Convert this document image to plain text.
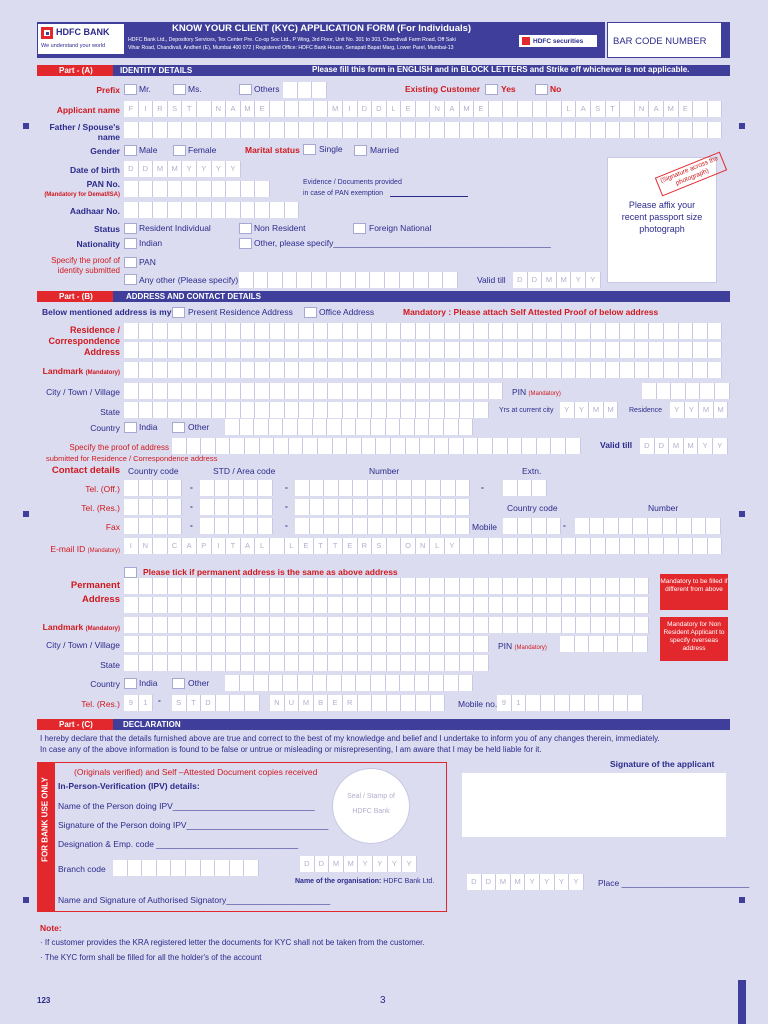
HDFC BANK
We understand your world
KNOW YOUR CLIENT (KYC) APPLICATION FORM (For Individuals)
HDFC Bank Ltd., Depository Services, Tex Center Pre. Co-op Soc Ltd., P Wing, 3rd Floor, Unit No. 301 to 303, Chandivali Farm Road, Off Saki
Vihar Road, Chandivali, Andheri (E), Mumbai 400 072 | Registered Office: HDFC Bank House, Senapati Bapat Marg, Lower Parel, Mumbai-13
HDFC securities	BAR CODE NUMBER
Part - (A)	IDENTITY DETAILS	Please fill this form in ENGLISH and in BLOCK LETTERS and Strike off whichever is not applicable.
Prefix Mr.	Ms.	Others	Existing Customer Yes	No
Applicant name	F	I	R	S	T	N	A	M	E	M	I	D	D	L	E	N	A	M	E	L	A	S	T	N	A	M	E
Father / Spouse's
name
Gender Male	Female	Marital status Single	Married
Date of birth	D	D	M	M	Y	Y	Y	Y
PAN No.
(Mandatory for Demat/ISA)
Evidence / Documents provided
in case of PAN exemption
Aadhaar No.
Status Resident Individual	Non Resident	Foreign National
Nationality Indian	Other, please specify______________________________________________
Specify the proof of
identity submitted
PAN
Any other (Please specify)	Valid till	D	D	M	M	Y	Y
(Signature across the photograph)
Please affix your recent passport size photograph
Part - (B)	ADDRESS AND CONTACT DETAILS
Below mentioned address is my Present Residence Address	Office Address	Mandatory : Please attach Self Attested Proof of below address
Residence /
Correspondence
Address
Landmark (Mandatory)
City / Town / Village	PIN (Mandatory)
State	Yrs at current city	Y	Y	M	M	Residence	Y	Y	M	M
Country India	Other
Specify the proof of address
submitted for Residence / Correspondence address
Valid till	D	D	M	M	Y	Y
Contact details Country code	STD / Area code	Number	Extn.
Tel. (Off.)	-	-	-
Tel. (Res.)	-	-	Country code	Number
Fax	-	-	Mobile	-
E-mail ID (Mandatory)
I	N	C	A	P	I	T	A	L	L	E	T	T	E	R	S	O	N	L	Y
Please tick if permanent address is the same as above address
Permanent
Address
Mandatory to be filled if different from above
Landmark (Mandatory)
Mandatory for Non Resident Applicant to specify overseas address
City / Town / Village	PIN (Mandatory)
State
Country India	Other
Tel. (Res.)	9	1	-	S	T	D	N	U	M	B	E	R	Mobile no. 9	1
Part - (C)	DECLARATION
I hereby declare that the details furnished above are true and correct to the best of my knowledge and belief and I undertake to inform you of any changes therein, immediately.
In case any of the above information is found to be false or untrue or misleading or misrepresenting, I am aware that I may be held liable for it.
Signature of the applicant
FOR BANK USE ONLY
(Originals verified) and Self –Attested Document copies received
In-Person-Verification (IPV) details:
Name of the Person doing IPV______________________________
Signature of the Person doing IPV______________________________
Designation & Emp. code ______________________________
Branch code
Seal / Stamp of HDFC Bank
D	D	M	M	Y	Y	Y	Y
Name of the organisation: HDFC Bank Ltd.
Name and Signature of Authorised Signatory______________________
D	D	M	M	Y	Y	Y	Y	Place ___________________________
Note:
· If customer provides the KRA registered letter the documents for KYC shall not be taken from the customer.
· The KYC form shall be filled for all the holder's of the account
123	3
